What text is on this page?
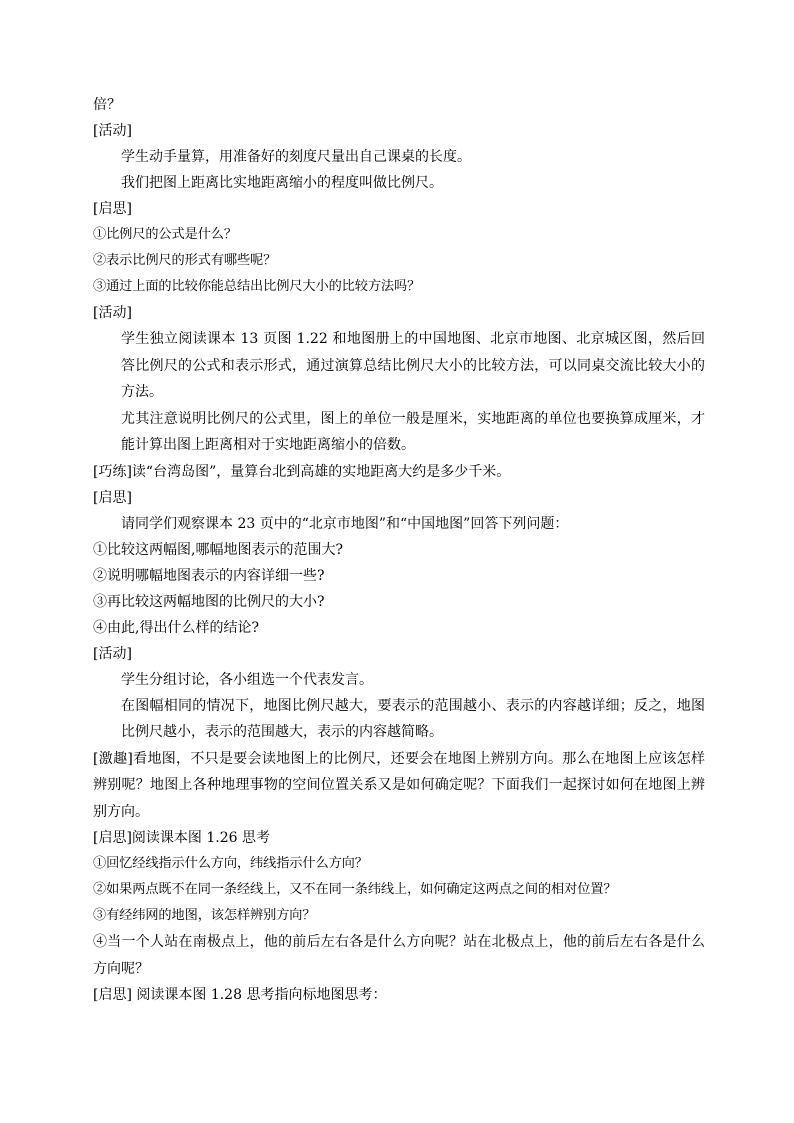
倍？

[活动]

学生动手量算，用准备好的刻度尺量出自己课桌的长度。

我们把图上距离比实地距离缩小的程度叫做比例尺。

[启思]

①比例尺的公式是什么？

②表示比例尺的形式有哪些呢？

③通过上面的比较你能总结出比例尺大小的比较方法吗？

[活动]

学生独立阅读课本 13 页图 1.22 和地图册上的中国地图、北京市地图、北京城区图，然后回答比例尺的公式和表示形式，通过演算总结比例尺大小的比较方法，可以同桌交流比较大小的方法。

尤其注意说明比例尺的公式里，图上的单位一般是厘米，实地距离的单位也要换算成厘米，才能计算出图上距离相对于实地距离缩小的倍数。

[巧练]读“台湾岛图”，量算台北到高雄的实地距离大约是多少千米。

[启思]

请同学们观察课本 23 页中的“北京市地图”和“中国地图”回答下列问题：

①比较这两幅图,哪幅地图表示的范围大?

②说明哪幅地图表示的内容详细一些?

③再比较这两幅地图的比例尺的大小?

④由此,得出什么样的结论?

[活动]

学生分组讨论，各小组选一个代表发言。

在图幅相同的情况下，地图比例尺越大，要表示的范围越小、表示的内容越详细；反之，地图比例尺越小，表示的范围越大，表示的内容越简略。

[激趣]看地图，不只是要会读地图上的比例尺，还要会在地图上辨别方向。那么在地图上应该怎样辨别呢？地图上各种地理事物的空间位置关系又是如何确定呢？下面我们一起探讨如何在地图上辨别方向。

[启思]阅读课本图 1.26 思考

①回忆经线指示什么方向，纬线指示什么方向？

②如果两点既不在同一条经线上，又不在同一条纬线上，如何确定这两点之间的相对位置？

③有经纬网的地图，该怎样辨别方向？

④当一个人站在南极点上，他的前后左右各是什么方向呢？站在北极点上，他的前后左右各是什么方向呢？

[启思] 阅读课本图 1.28 思考指向标地图思考：
